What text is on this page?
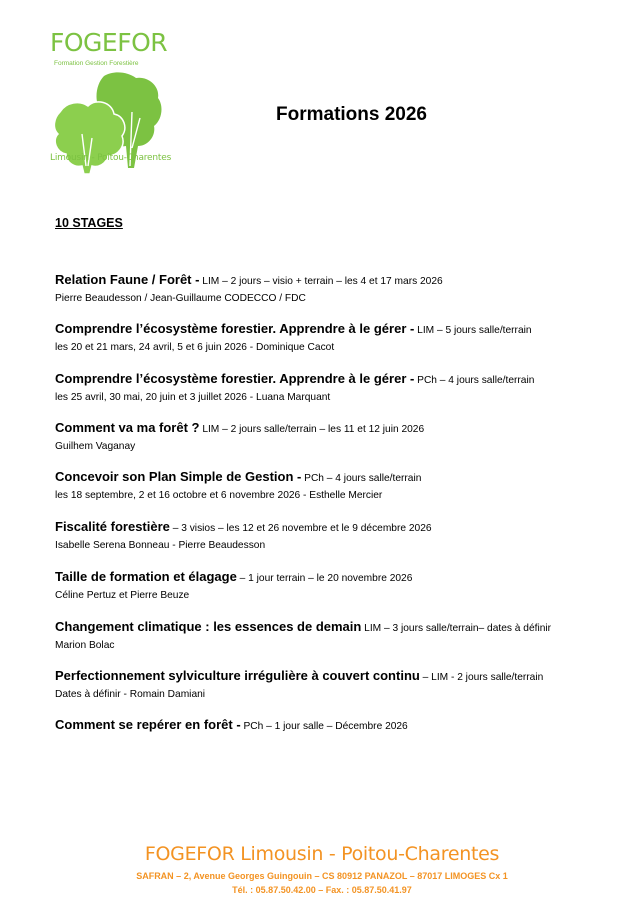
FOGEFOR
Formation Gestion Forestière
Limousin - Poitou-Charentes
Formations 2026
10 STAGES
Relation Faune / Forêt - LIM – 2 jours – visio + terrain – les 4 et 17 mars 2026
Pierre Beaudesson / Jean-Guillaume CODECCO / FDC
Comprendre l’écosystème forestier. Apprendre à le gérer - LIM – 5 jours salle/terrain
les 20 et 21 mars, 24 avril, 5 et 6 juin 2026 - Dominique Cacot
Comprendre l’écosystème forestier. Apprendre à le gérer - PCh – 4 jours salle/terrain
les 25 avril, 30 mai, 20 juin et 3 juillet 2026 - Luana Marquant
Comment va ma forêt ? LIM – 2 jours salle/terrain – les 11 et 12 juin 2026
Guilhem Vaganay
Concevoir son Plan Simple de Gestion - PCh – 4 jours salle/terrain
les 18 septembre, 2 et 16 octobre et 6 novembre 2026 - Esthelle Mercier
Fiscalité forestière – 3 visios – les 12 et 26 novembre et le 9 décembre 2026
Isabelle Serena Bonneau - Pierre Beaudesson
Taille de formation et élagage – 1 jour terrain – le 20 novembre 2026
Céline Pertuz et Pierre Beuze
Changement climatique : les essences de demain LIM – 3 jours salle/terrain– dates à définir
Marion Bolac
Perfectionnement sylviculture irrégulière à couvert continu – LIM - 2 jours salle/terrain
Dates à définir - Romain Damiani
Comment se repérer en forêt - PCh – 1 jour salle – Décembre 2026
FOGEFOR Limousin - Poitou-Charentes
SAFRAN – 2, Avenue Georges Guingouin – CS 80912 PANAZOL – 87017 LIMOGES Cx 1
Tél. : 05.87.50.42.00 – Fax. : 05.87.50.41.97
